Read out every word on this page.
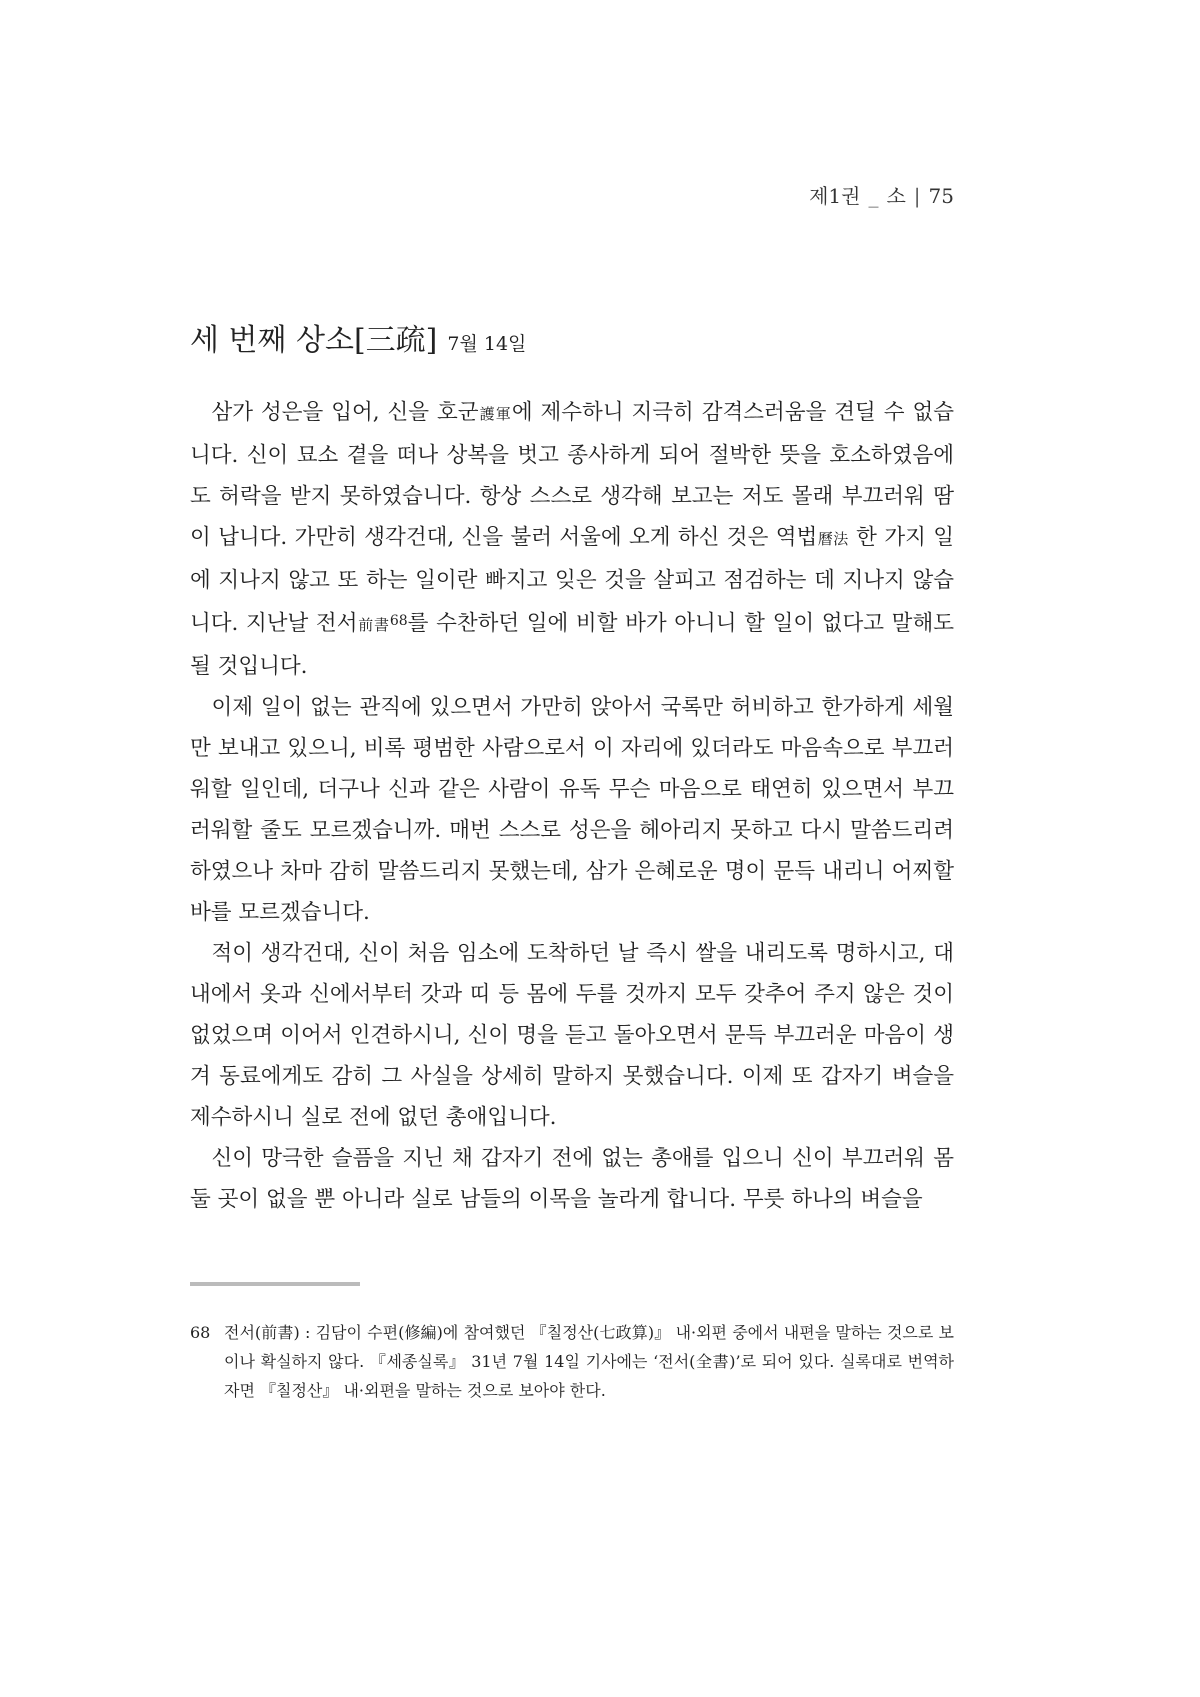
제1권 _ 소 | 75
세 번째 상소[三疏] 7월 14일

삼가 성은을 입어, 신을 호군護軍에 제수하니 지극히 감격스러움을 견딜 수 없습니다. 신이 묘소 곁을 떠나 상복을 벗고 종사하게 되어 절박한 뜻을 호소하였음에도 허락을 받지 못하였습니다. 항상 스스로 생각해 보고는 저도 몰래 부끄러워 땀이 납니다. 가만히 생각건대, 신을 불러 서울에 오게 하신 것은 역법曆法 한 가지 일에 지나지 않고 또 하는 일이란 빠지고 잊은 것을 살피고 점검하는 데 지나지 않습니다. 지난날 전서前書$^{68}$를 수찬하던 일에 비할 바가 아니니 할 일이 없다고 말해도 될 것입니다.

이제 일이 없는 관직에 있으면서 가만히 앉아서 국록만 허비하고 한가하게 세월만 보내고 있으니, 비록 평범한 사람으로서 이 자리에 있더라도 마음속으로 부끄러워할 일인데, 더구나 신과 같은 사람이 유독 무슨 마음으로 태연히 있으면서 부끄러워할 줄도 모르겠습니까. 매번 스스로 성은을 헤아리지 못하고 다시 말씀드리려 하였으나 차마 감히 말씀드리지 못했는데, 삼가 은혜로운 명이 문득 내리니 어찌할 바를 모르겠습니다.

적이 생각건대, 신이 처음 임소에 도착하던 날 즉시 쌀을 내리도록 명하시고, 대내에서 옷과 신에서부터 갓과 띠 등 몸에 두를 것까지 모두 갖추어 주지 않은 것이 없었으며 이어서 인견하시니, 신이 명을 듣고 돌아오면서 문득 부끄러운 마음이 생겨 동료에게도 감히 그 사실을 상세히 말하지 못했습니다. 이제 또 갑자기 벼슬을 제수하시니 실로 전에 없던 총애입니다.

신이 망극한 슬픔을 지닌 채 갑자기 전에 없는 총애를 입으니 신이 부끄러워 몸 둘 곳이 없을 뿐 아니라 실로 남들의 이목을 놀라게 합니다. 무릇 하나의 벼슬을

68 전서(前書) : 김담이 수편(修編)에 참여했던 『칠정산(七政算)』 내·외편 중에서 내편을 말하는 것으로 보이나 확실하지 않다. 『세종실록』 31년 7월 14일 기사에는 ‘전서(全書)’로 되어 있다. 실록대로 번역하자면 『칠정산』 내·외편을 말하는 것으로 보아야 한다.
